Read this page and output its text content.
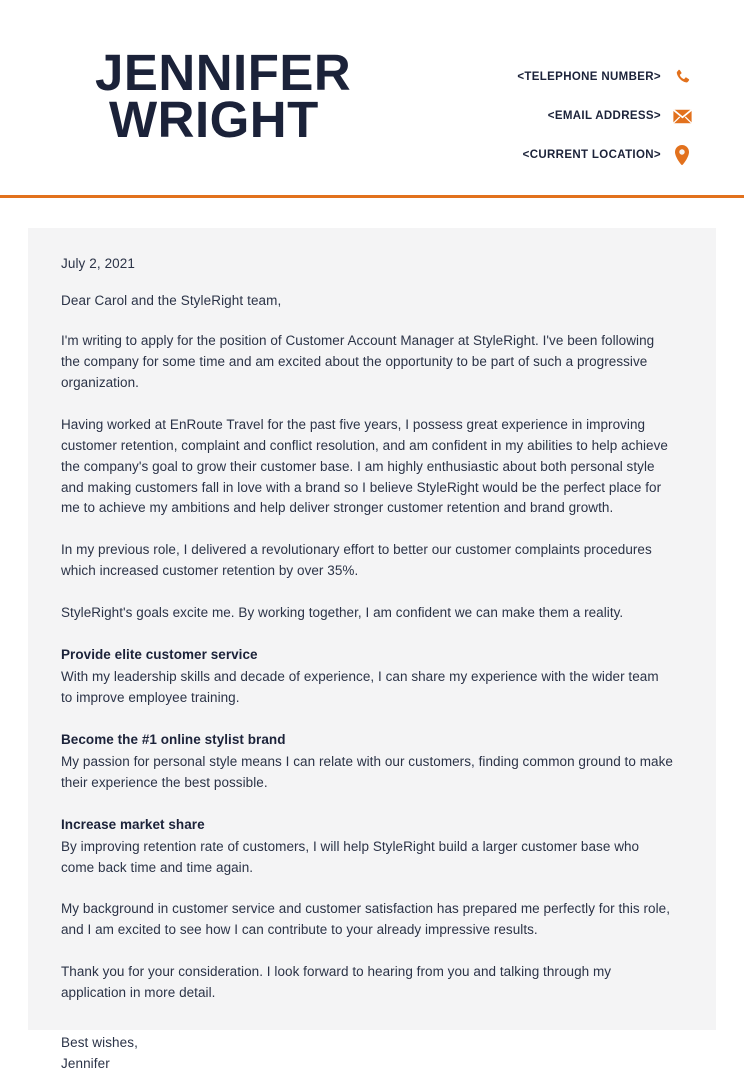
JENNIFER
WRIGHT
<TELEPHONE NUMBER>
<EMAIL ADDRESS>
<CURRENT LOCATION>
July 2, 2021
Dear Carol and the StyleRight team,

I'm writing to apply for the position of Customer Account Manager at StyleRight. I've been following the company for some time and am excited about the opportunity to be part of such a progressive organization.

Having worked at EnRoute Travel for the past five years, I possess great experience in improving customer retention, complaint and conflict resolution, and am confident in my abilities to help achieve the company's goal to grow their customer base. I am highly enthusiastic about both personal style and making customers fall in love with a brand so I believe StyleRight would be the perfect place for me to achieve my ambitions and help deliver stronger customer retention and brand growth.

In my previous role, I delivered a revolutionary effort to better our customer complaints procedures which increased customer retention by over 35%.

StyleRight's goals excite me. By working together, I am confident we can make them a reality.

Provide elite customer service

With my leadership skills and decade of experience, I can share my experience with the wider team to improve employee training.

Become the #1 online stylist brand

My passion for personal style means I can relate with our customers, finding common ground to make their experience the best possible.

Increase market share

By improving retention rate of customers, I will help StyleRight build a larger customer base who come back time and time again.

My background in customer service and customer satisfaction has prepared me perfectly for this role, and I am excited to see how I can contribute to your already impressive results.

Thank you for your consideration. I look forward to hearing from you and talking through my application in more detail.

Best wishes,
Jennifer
